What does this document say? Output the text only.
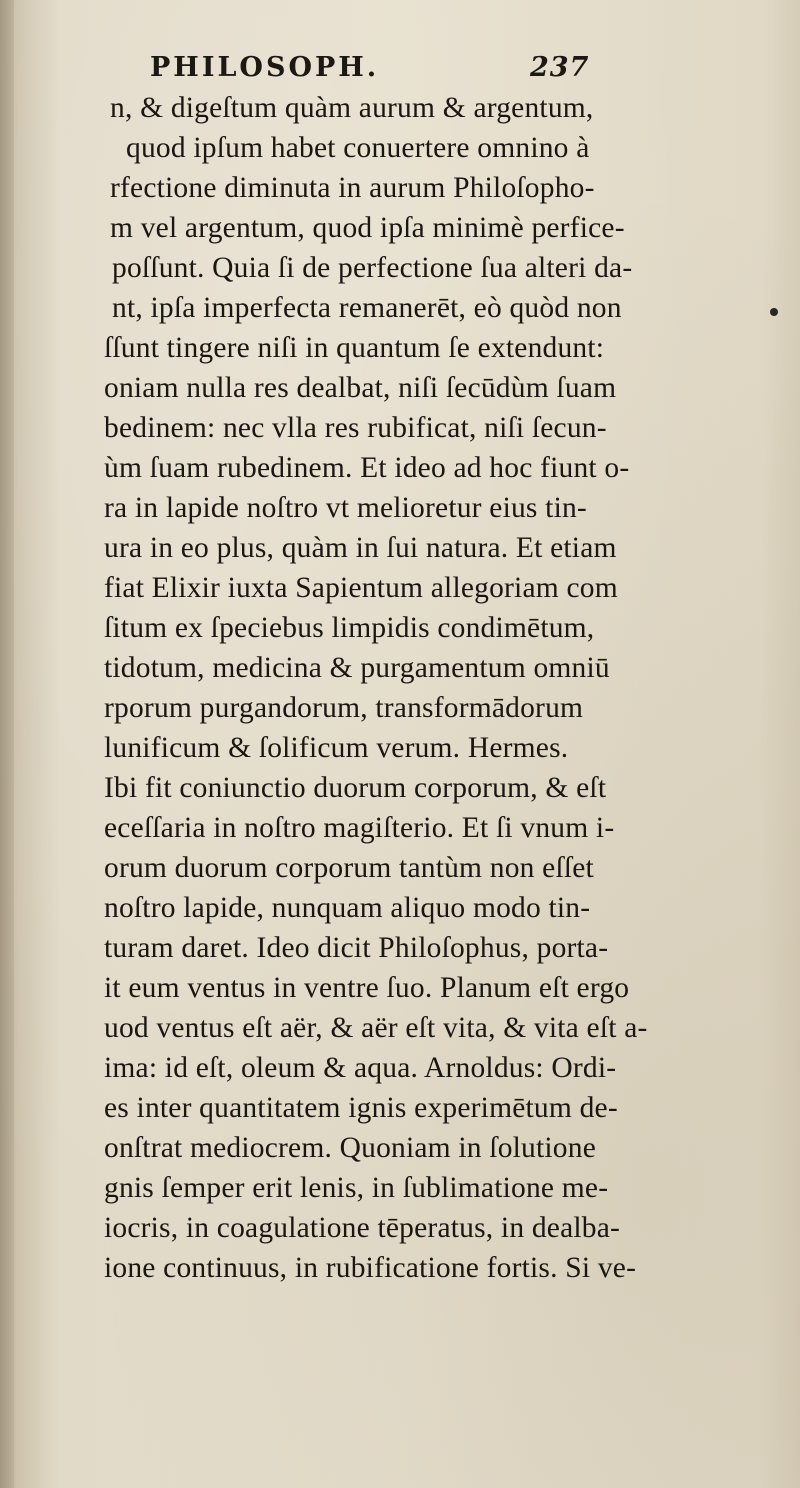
PHILOSOPH.	237
n, & digeſtum quàm aurum & argentum,
quod ipſum habet conuertere omnino à
rfectione diminuta in aurum Philoſopho-
m vel argentum, quod ipſa minimè perfice-
poſſunt. Quia ſi de perfectione ſua alteri da-
nt, ipſa imperfecta remanerēt, eò quòd non
ſſunt tingere niſi in quantum ſe extendunt:
oniam nulla res dealbat, niſi ſecūdùm ſuam
bedinem: nec vlla res rubificat, niſi ſecun-
ùm ſuam rubedinem. Et ideo ad hoc fiunt o-
ra in lapide noſtro vt melioretur eius tin-
ura in eo plus, quàm in ſui natura. Et etiam
fiat Elixir iuxta Sapientum allegoriam com
ſitum ex ſpeciebus limpidis condimētum,
tidotum, medicina & purgamentum omniū
rporum purgandorum, transformādorum
lunificum & ſolificum verum. Hermes.
Ibi fit coniunctio duorum corporum, & eſt
eceſſaria in noſtro magiſterio. Et ſi vnum i-
orum duorum corporum tantùm non eſſet
noſtro lapide, nunquam aliquo modo tin-
turam daret. Ideo dicit Philoſophus, porta-
it eum ventus in ventre ſuo. Planum eſt ergo
uod ventus eſt aër, & aër eſt vita, & vita eſt a-
ima: id eſt, oleum & aqua. Arnoldus: Ordi-
es inter quantitatem ignis experimētum de-
onſtrat mediocrem. Quoniam in ſolutione
gnis ſemper erit lenis, in ſublimatione me-
iocris, in coagulatione tēperatus, in dealba-
ione continuus, in rubificatione fortis. Si ve-
